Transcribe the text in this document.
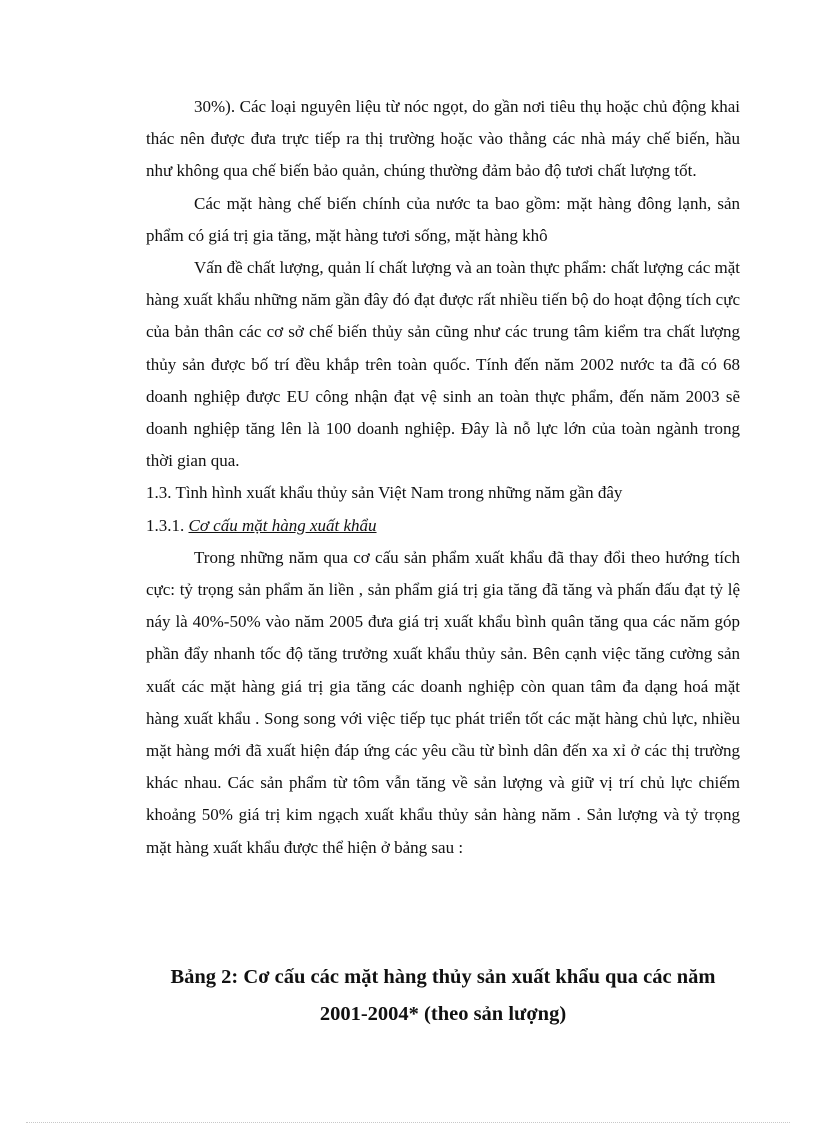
30%). Các loại nguyên liệu từ nóc ngọt, do gần nơi tiêu thụ hoặc chủ động khai thác nên được đưa trực tiếp ra thị trường hoặc vào thẳng các nhà máy chế biến, hầu như không qua chế biến bảo quản, chúng thường đảm bảo độ tươi chất lượng tốt.

Các mặt hàng chế biến chính của nước ta bao gồm: mặt hàng đông lạnh, sản phẩm có giá trị gia tăng, mặt hàng tươi sống, mặt hàng khô

Vấn đề chất lượng, quản lí chất lượng và an toàn thực phẩm: chất lượng các mặt hàng xuất khẩu những năm gần đây đó đạt được rất nhiều tiến bộ do hoạt động tích cực của bản thân các cơ sở chế biến thủy sản cũng như các trung tâm kiểm tra chất lượng thủy sản được bố trí đều khắp trên toàn quốc. Tính đến năm 2002 nước ta đã có 68 doanh nghiệp được EU công nhận đạt vệ sinh an toàn thực phẩm, đến năm 2003 sẽ doanh nghiệp tăng lên là 100 doanh nghiệp. Đây là nỗ lực lớn của toàn ngành trong thời gian qua.

1.3. Tình hình xuất khẩu thủy sản Việt Nam trong những năm gần đây

1.3.1. Cơ cấu mặt hàng xuất khẩu

Trong những năm qua cơ cấu sản phẩm xuất khẩu đã thay đổi theo hướng tích cực: tỷ trọng sản phẩm ăn liền , sản phẩm giá trị gia tăng đã tăng và phấn đấu đạt tỷ lệ náy là 40%-50% vào năm 2005 đưa giá trị xuất khẩu bình quân tăng qua các năm góp phần đẩy nhanh tốc độ tăng trưởng xuất khẩu thủy sản. Bên cạnh việc tăng cường sản xuất các mặt hàng giá trị gia tăng các doanh nghiệp còn quan tâm đa dạng hoá mặt hàng xuất khẩu . Song song với việc tiếp tục phát triển tốt các mặt hàng chủ lực, nhiều mặt hàng mới đã xuất hiện đáp ứng các yêu cầu từ bình dân đến xa xỉ ở các thị trường khác nhau. Các sản phẩm từ tôm vẫn tăng về sản lượng và giữ vị trí chủ lực chiếm khoảng 50% giá trị kim ngạch xuất khẩu thủy sản hàng năm . Sản lượng và tỷ trọng mặt hàng xuất khẩu được thể hiện ở bảng sau :

Bảng 2: Cơ cấu các mặt hàng thủy sản xuất khẩu qua các năm
2001-2004* (theo sản lượng)
